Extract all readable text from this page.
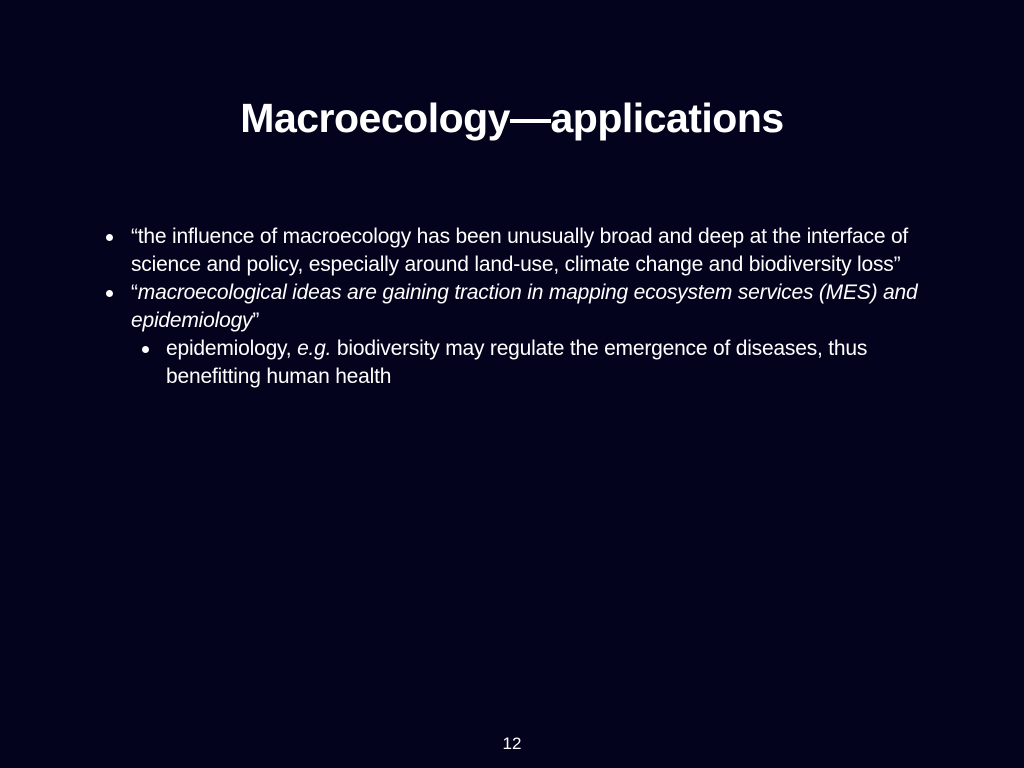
Macroecology—applications
“the influence of macroecology has been unusually broad and deep at the interface of science and policy, especially around land-use, climate change and biodiversity loss”
“macroecological ideas are gaining traction in mapping ecosystem services (MES) and epidemiology”
epidemiology, e.g. biodiversity may regulate the emergence of diseases, thus benefitting human health
12
